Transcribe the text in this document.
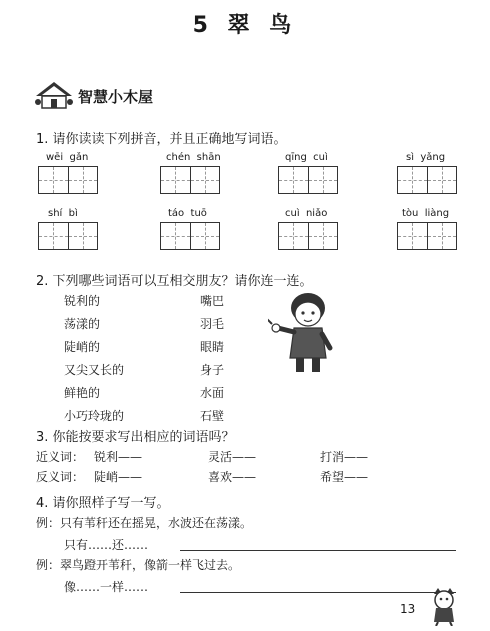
5 翠 鸟
智慧小木屋
1. 请你读读下列拼音，并且正确地写词语。
wēi  gǎn	chén  shān	qīng  cuì	sì  yǎng
shí  bì	táo  tuō	cuì  niǎo	tòu  liàng
2. 下列哪些词语可以互相交朋友？请你连一连。
锐利的
荡漾的
陡峭的
又尖又长的
鲜艳的
小巧玲珑的
嘴巴
羽毛
眼睛
身子
水面
石壁
3. 你能按要求写出相应的词语吗？
近义词： 锐利——	灵活——	打消——
反义词： 陡峭——	喜欢——	希望——
4. 请你照样子写一写。
例：只有苇秆还在摇晃，水波还在荡漾。
只有……还……
例：翠鸟蹬开苇秆，像箭一样飞过去。
像……一样……
13
